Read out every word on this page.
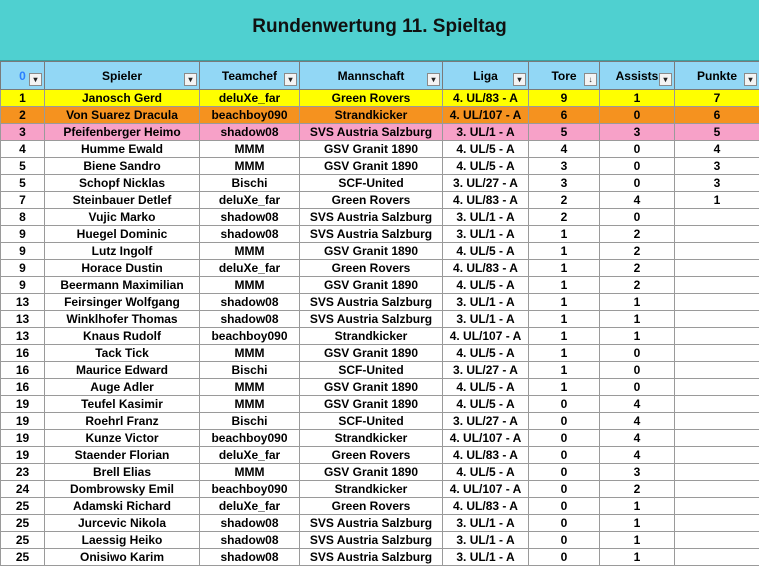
Rundenwertung 11. Spieltag
0 ▾	Spieler ▾	Teamchef ▾	Mannschaft ▾	Liga ▾	Tore ↓	Assists ▾	Punkte ▾

1	Janosch Gerd	deluXe_far	Green Rovers	4. UL/83 - A	9	1	7
2	Von Suarez Dracula	beachboy090	Strandkicker	4. UL/107 - A	6	0	6
3	Pfeifenberger Heimo	shadow08	SVS Austria Salzburg	3. UL/1 - A	5	3	5
4	Humme Ewald	MMM	GSV Granit 1890	4. UL/5 - A	4	0	4
5	Biene Sandro	MMM	GSV Granit 1890	4. UL/5 - A	3	0	3
5	Schopf Nicklas	Bischi	SCF-United	3. UL/27 - A	3	0	3
7	Steinbauer Detlef	deluXe_far	Green Rovers	4. UL/83 - A	2	4	1
8	Vujic Marko	shadow08	SVS Austria Salzburg	3. UL/1 - A	2	0	
9	Huegel Dominic	shadow08	SVS Austria Salzburg	3. UL/1 - A	1	2	
9	Lutz Ingolf	MMM	GSV Granit 1890	4. UL/5 - A	1	2	
9	Horace Dustin	deluXe_far	Green Rovers	4. UL/83 - A	1	2	
9	Beermann Maximilian	MMM	GSV Granit 1890	4. UL/5 - A	1	2	
13	Feirsinger Wolfgang	shadow08	SVS Austria Salzburg	3. UL/1 - A	1	1	
13	Winklhofer Thomas	shadow08	SVS Austria Salzburg	3. UL/1 - A	1	1	
13	Knaus Rudolf	beachboy090	Strandkicker	4. UL/107 - A	1	1	
16	Tack Tick	MMM	GSV Granit 1890	4. UL/5 - A	1	0	
16	Maurice Edward	Bischi	SCF-United	3. UL/27 - A	1	0	
16	Auge Adler	MMM	GSV Granit 1890	4. UL/5 - A	1	0	
19	Teufel Kasimir	MMM	GSV Granit 1890	4. UL/5 - A	0	4	
19	Roehrl Franz	Bischi	SCF-United	3. UL/27 - A	0	4	
19	Kunze Victor	beachboy090	Strandkicker	4. UL/107 - A	0	4	
19	Staender Florian	deluXe_far	Green Rovers	4. UL/83 - A	0	4	
23	Brell Elias	MMM	GSV Granit 1890	4. UL/5 - A	0	3	
24	Dombrowsky Emil	beachboy090	Strandkicker	4. UL/107 - A	0	2	
25	Adamski Richard	deluXe_far	Green Rovers	4. UL/83 - A	0	1	
25	Jurcevic Nikola	shadow08	SVS Austria Salzburg	3. UL/1 - A	0	1	
25	Laessig Heiko	shadow08	SVS Austria Salzburg	3. UL/1 - A	0	1	
25	Onisiwo Karim	shadow08	SVS Austria Salzburg	3. UL/1 - A	0	1	
